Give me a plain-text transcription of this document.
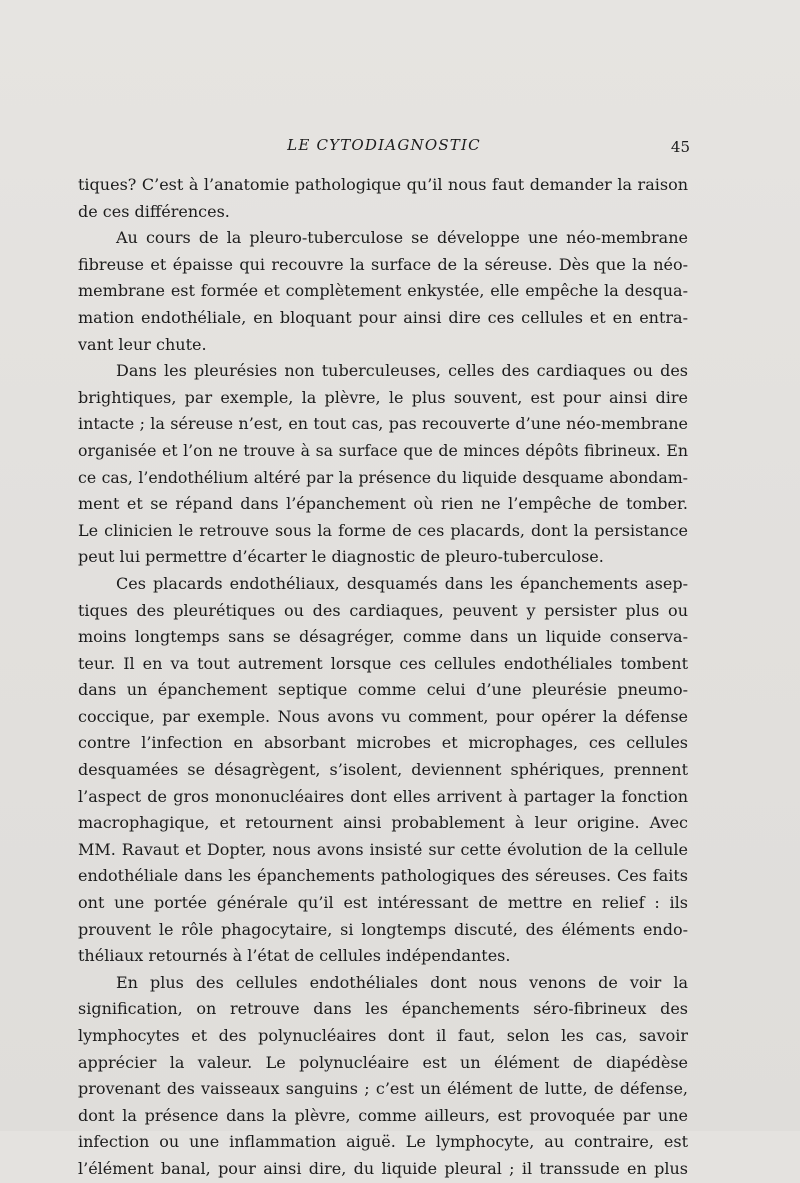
LE CYTODIAGNOSTIC	45
tiques? C’est à l’anatomie pathologique qu’il nous faut demander la raison
de ces différences.
Au cours de la pleuro-tuberculose se développe une néo-membrane
fibreuse et épaisse qui recouvre la surface de la séreuse. Dès que la néo-
membrane est formée et complètement enkystée, elle empêche la desqua-
mation endothéliale, en bloquant pour ainsi dire ces cellules et en entra-
vant leur chute.
Dans les pleurésies non tuberculeuses, celles des cardiaques ou des
brightiques, par exemple, la plèvre, le plus souvent, est pour ainsi dire
intacte ; la séreuse n’est, en tout cas, pas recouverte d’une néo-membrane
organisée et l’on ne trouve à sa surface que de minces dépôts fibrineux. En
ce cas, l’endothélium altéré par la présence du liquide desquame abondam-
ment et se répand dans l’épanchement où rien ne l’empêche de tomber.
Le clinicien le retrouve sous la forme de ces placards, dont la persistance
peut lui permettre d’écarter le diagnostic de pleuro-tuberculose.
Ces placards endothéliaux, desquamés dans les épanchements asep-
tiques des pleurétiques ou des cardiaques, peuvent y persister plus ou
moins longtemps sans se désagréger, comme dans un liquide conserva-
teur. Il en va tout autrement lorsque ces cellules endothéliales tombent
dans un épanchement septique comme celui d’une pleurésie pneumo-
coccique, par exemple. Nous avons vu comment, pour opérer la défense
contre l’infection en absorbant microbes et microphages, ces cellules
desquamées se désagrègent, s’isolent, deviennent sphériques, prennent
l’aspect de gros mononucléaires dont elles arrivent à partager la fonction
macrophagique, et retournent ainsi probablement à leur origine. Avec
MM. Ravaut et Dopter, nous avons insisté sur cette évolution de la cellule
endothéliale dans les épanchements pathologiques des séreuses. Ces faits
ont une portée générale qu’il est intéressant de mettre en relief : ils
prouvent le rôle phagocytaire, si longtemps discuté, des éléments endo-
théliaux retournés à l’état de cellules indépendantes.
En plus des cellules endothéliales dont nous venons de voir la
signification, on retrouve dans les épanchements séro-fibrineux des
lymphocytes et des polynucléaires dont il faut, selon les cas, savoir
apprécier la valeur. Le polynucléaire est un élément de diapédèse
provenant des vaisseaux sanguins ; c’est un élément de lutte, de défense,
dont la présence dans la plèvre, comme ailleurs, est provoquée par une
infection ou une inflammation aiguë. Le lymphocyte, au contraire, est
l’élément banal, pour ainsi dire, du liquide pleural ; il transsude en plus
